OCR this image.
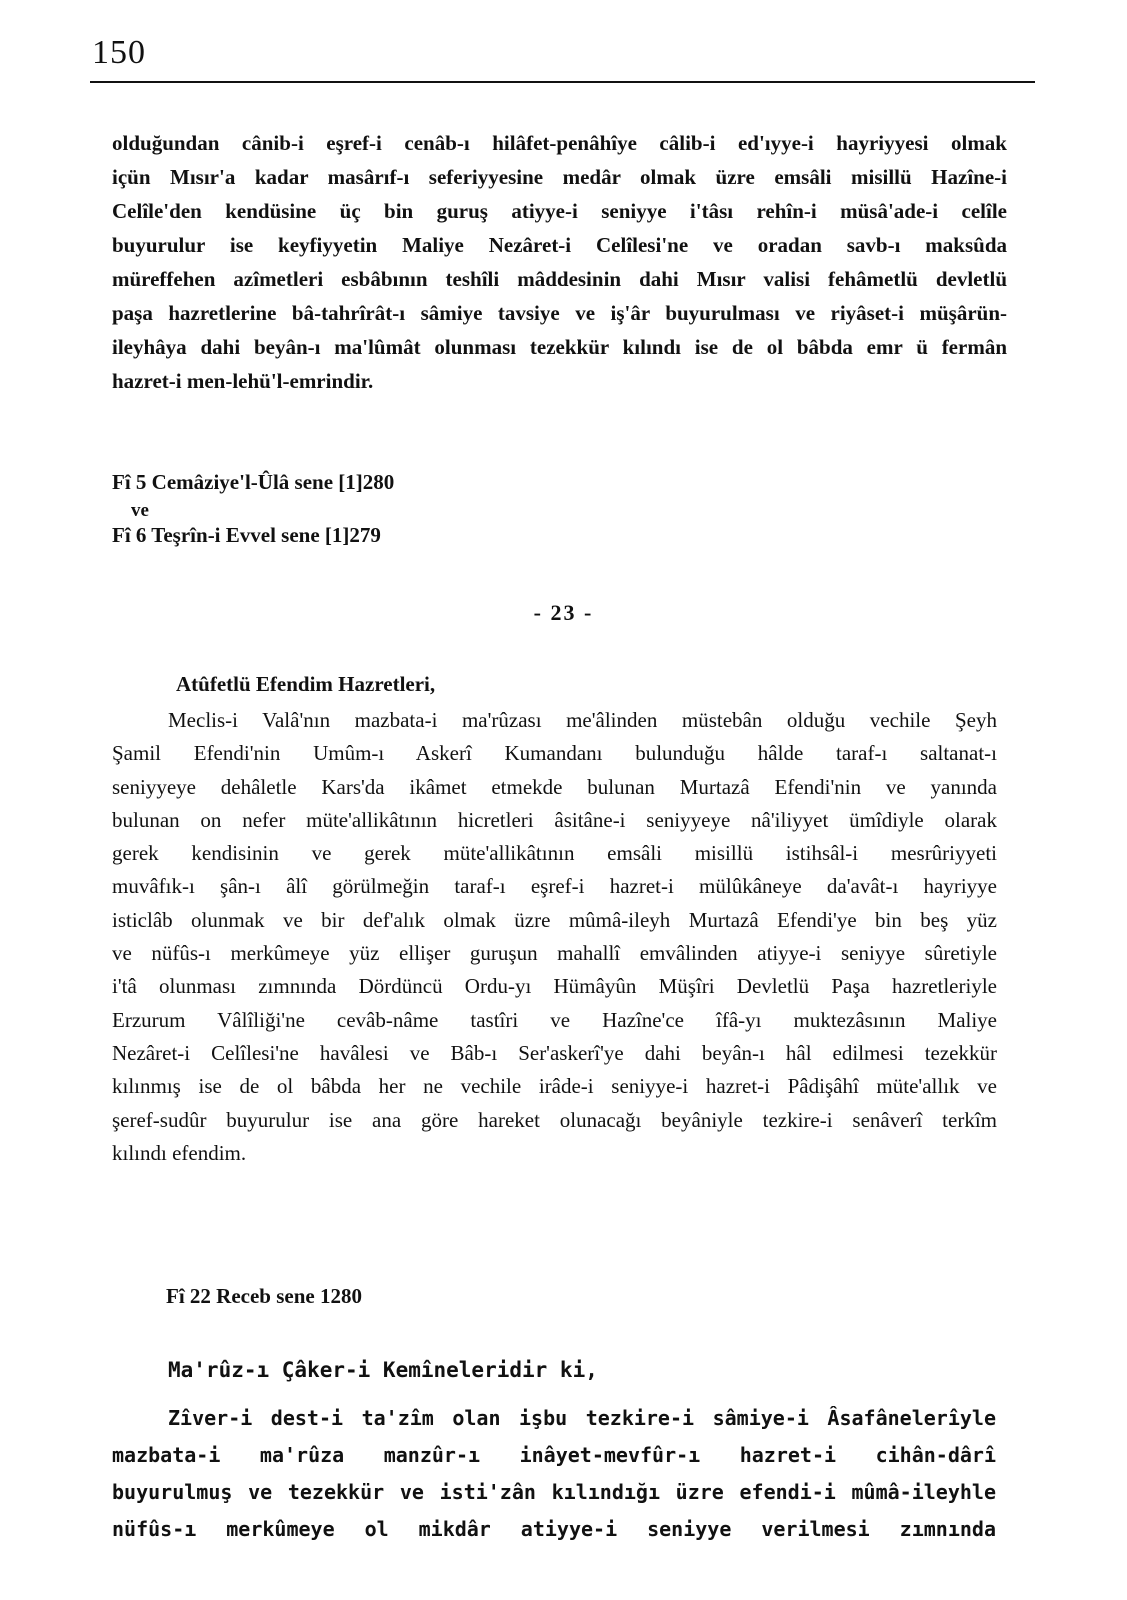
150
olduğundan cânib-i eşref-i cenâb-ı hilâfet-penâhîye câlib-i ed'ıyye-i hayriyyesi olmak
içün Mısır'a kadar masârıf-ı seferiyyesine medâr olmak üzre emsâli misillü Hazîne-i
Celîle'den kendüsine üç bin guruş atiyye-i seniyye i'tâsı rehîn-i müsâ'ade-i celîle
buyurulur ise keyfiyyetin Maliye Nezâret-i Celîlesi'ne ve oradan savb-ı maksûda
müreffehen azîmetleri esbâbının teshîli mâddesinin dahi Mısır valisi fehâmetlü devletlü
paşa hazretlerine bâ-tahrîrât-ı sâmiye tavsiye ve iş'âr buyurulması ve riyâset-i müşârün-
ileyhâya dahi beyân-ı ma'lûmât olunması tezekkür kılındı ise de ol bâbda emr ü fermân
hazret-i men-lehü'l-emrindir.
Fî 5 Cemâziye'l-Ûlâ sene [1]280
ve
Fî 6 Teşrîn-i Evvel sene [1]279
- 23 -
Atûfetlü Efendim Hazretleri,
Meclis-i Valâ'nın mazbata-i ma'rûzası me'âlinden müstebân olduğu vechile Şeyh
Şamil Efendi'nin Umûm-ı Askerî Kumandanı bulunduğu hâlde taraf-ı saltanat-ı
seniyyeye dehâletle Kars'da ikâmet etmekde bulunan Murtazâ Efendi'nin ve yanında
bulunan on nefer müte'allikâtının hicretleri âsitâne-i seniyyeye nâ'iliyyet ümîdiyle olarak
gerek kendisinin ve gerek müte'allikâtının emsâli misillü istihsâl-i mesrûriyyeti
muvâfık-ı şân-ı âlî görülmeğin taraf-ı eşref-i hazret-i mülûkâneye da'avât-ı hayriyye
isticlâb olunmak ve bir def'alık olmak üzre mûmâ-ileyh Murtazâ Efendi'ye bin beş yüz
ve nüfûs-ı merkûmeye yüz ellişer guruşun mahallî emvâlinden atiyye-i seniyye sûretiyle
i'tâ olunması zımnında Dördüncü Ordu-yı Hümâyûn Müşîri Devletlü Paşa hazretleriyle
Erzurum Vâlîliği'ne cevâb-nâme tastîri ve Hazîne'ce îfâ-yı muktezâsının Maliye
Nezâret-i Celîlesi'ne havâlesi ve Bâb-ı Ser'askerî'ye dahi beyân-ı hâl edilmesi tezekkür
kılınmış ise de ol bâbda her ne vechile irâde-i seniyye-i hazret-i Pâdişâhî müte'allık ve
şeref-sudûr buyurulur ise ana göre hareket olunacağı beyâniyle tezkire-i senâverî terkîm
kılındı efendim.
Fî 22 Receb sene 1280
Ma'rûz-ı Çâker-i Kemîneleridir ki,
Zîver-i dest-i ta'zîm olan işbu tezkire-i sâmiye-i Âsafânelerîyle
mazbata-i ma'rûza manzûr-ı inâyet-mevfûr-ı hazret-i cihân-dârî
buyurulmuş ve tezekkür ve isti'zân kılındığı üzre efendi-i mûmâ-ileyhle
nüfûs-ı merkûmeye ol mikdâr atiyye-i seniyye verilmesi zımnında
